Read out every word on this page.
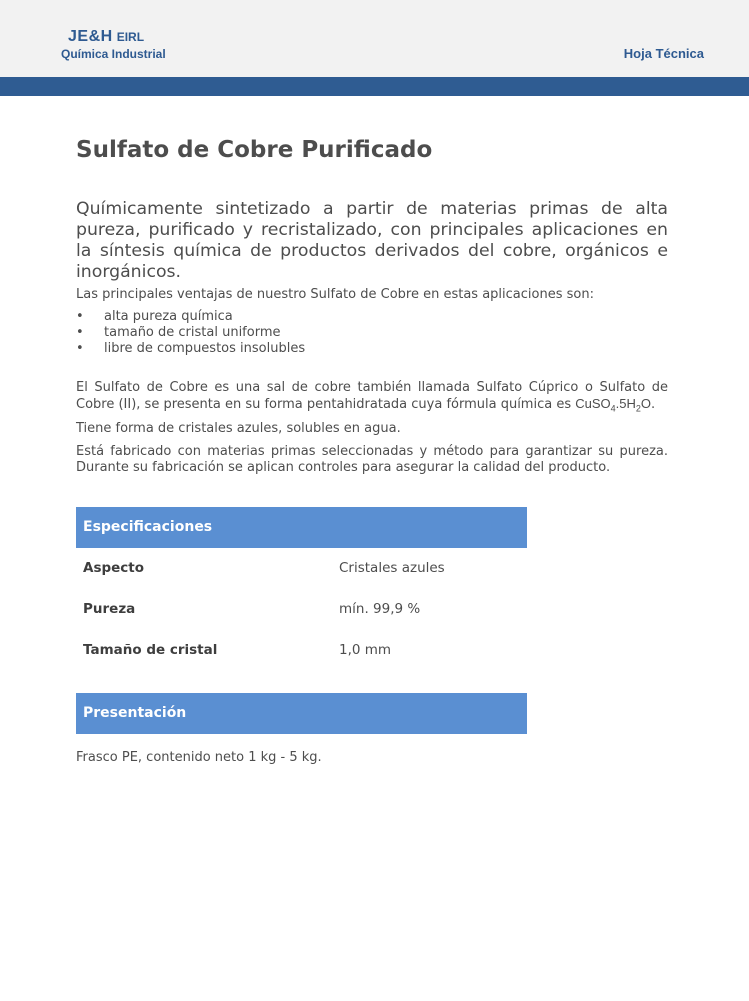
JE&H EIRL
Química Industrial	Hoja Técnica
Sulfato de Cobre Purificado

Químicamente sintetizado a partir de materias primas de alta pureza, purificado y recristalizado, con principales aplicaciones en la síntesis química de productos derivados del cobre, orgánicos e inorgánicos.

Las principales ventajas de nuestro Sulfato de Cobre en estas aplicaciones son:

• alta pureza química
• tamaño de cristal uniforme
• libre de compuestos insolubles

El Sulfato de Cobre es una sal de cobre también llamada Sulfato Cúprico o Sulfato de Cobre (II), se presenta en su forma pentahidratada cuya fórmula química es $CuSO_4.5H_2O$.

Tiene forma de cristales azules, solubles en agua.

Está fabricado con materias primas seleccionadas y método para garantizar su pureza. Durante su fabricación se aplican controles para asegurar la calidad del producto.

Especificaciones
Aspecto	Cristales azules
Pureza	mín. 99,9 %
Tamaño de cristal	1,0 mm
Presentación

Frasco PE, contenido neto 1 kg - 5 kg.
